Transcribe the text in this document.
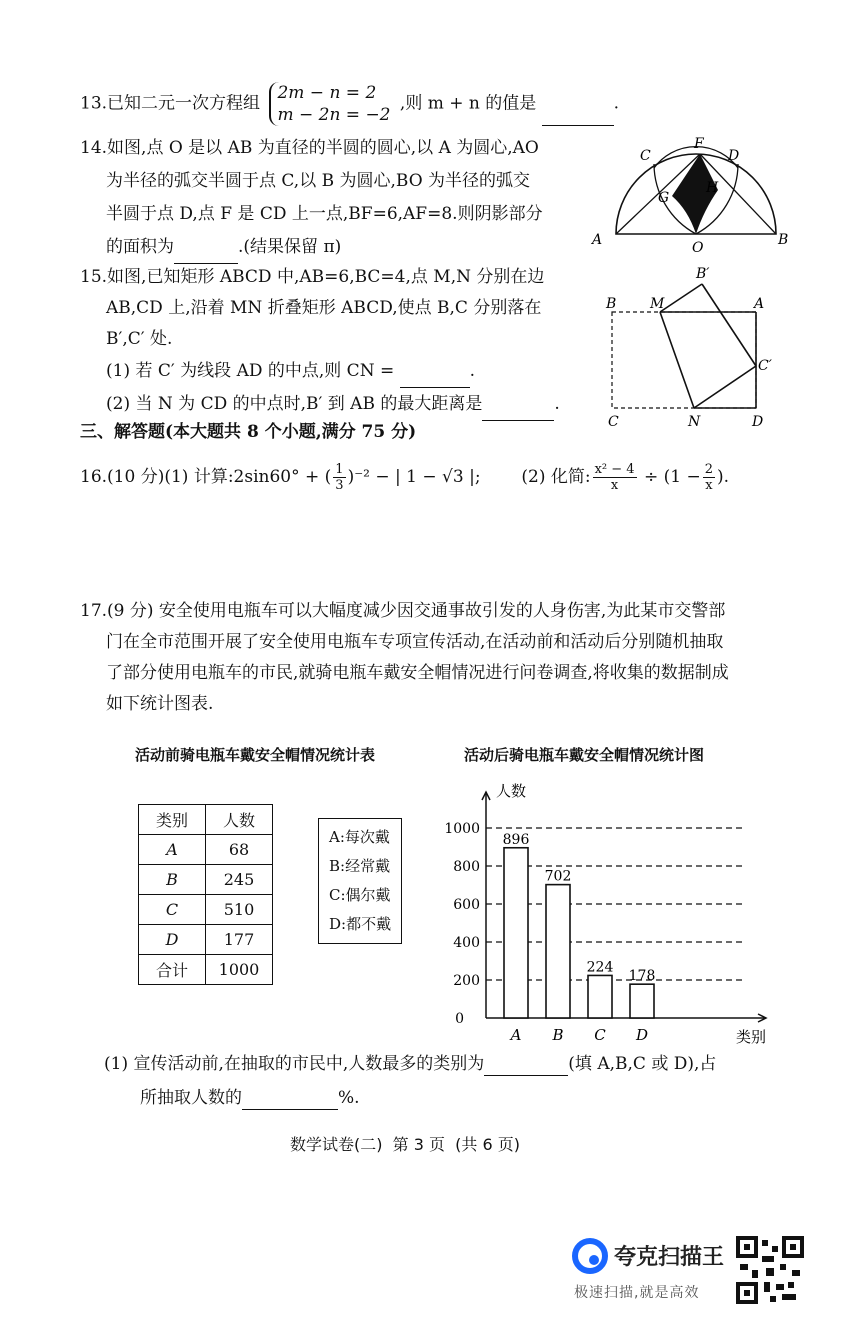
13.已知二元一次方程组 2m − n = 2
m − 2n = −2 ,则 m + n 的值是	.
14.如图,点 O 是以 AB 为直径的半圆的圆心,以 A 为圆心,AO
为半径的弧交半圆于点 C,以 B 为圆心,BO 为半径的弧交
半圆于点 D,点 F 是 CD 上一点,BF=6,AF=8.则阴影部分
的面积为	.(结果保留 π)
C
F
D
G
H
A	O	B
15.如图,已知矩形 ABCD 中,AB=6,BC=4,点 M,N 分别在边
AB,CD 上,沿着 MN 折叠矩形 ABCD,使点 B,C 分别落在
B′,C′ 处.
(1) 若 C′ 为线段 AD 的中点,则 CN =	.
(2) 当 N 为 CD 的中点时,B′ 到 AB 的最大距离是	.
B′
B M	A
C′
C	N	D
三、解答题(本大题共 8 个小题,满分 75 分)
16.(10 分)(1) 计算:2sin60° + ( $\frac{1}{3} )^{-2}$ − | 1 − √3 |; (2) 化简: $\frac{\text{x² − 4}}{x} \div (1 - \frac{2}{x}$ ).
17.(9 分) 安全使用电瓶车可以大幅度减少因交通事故引发的人身伤害,为此某市交警部
门在全市范围开展了安全使用电瓶车专项宣传活动,在活动前和活动后分别随机抽取
了部分使用电瓶车的市民,就骑电瓶车戴安全帽情况进行问卷调查,将收集的数据制成
如下统计图表.
活动前骑电瓶车戴安全帽情况统计表
类别	人数
A	68
B	245
C	510
D	177
合计	1000
A:每次戴
B:经常戴
C:偶尔戴
D:都不戴
活动后骑电瓶车戴安全帽情况统计图
0
200
400
600
800
1000
人数
类别
896
A
702
B
224
C
178
D
(1) 宣传活动前,在抽取的市民中,人数最多的类别为	(填 A,B,C 或 D),占
所抽取人数的	%.
数学试卷(二)  第 3 页  (共 6 页)
夸克扫描王
极速扫描,就是高效
